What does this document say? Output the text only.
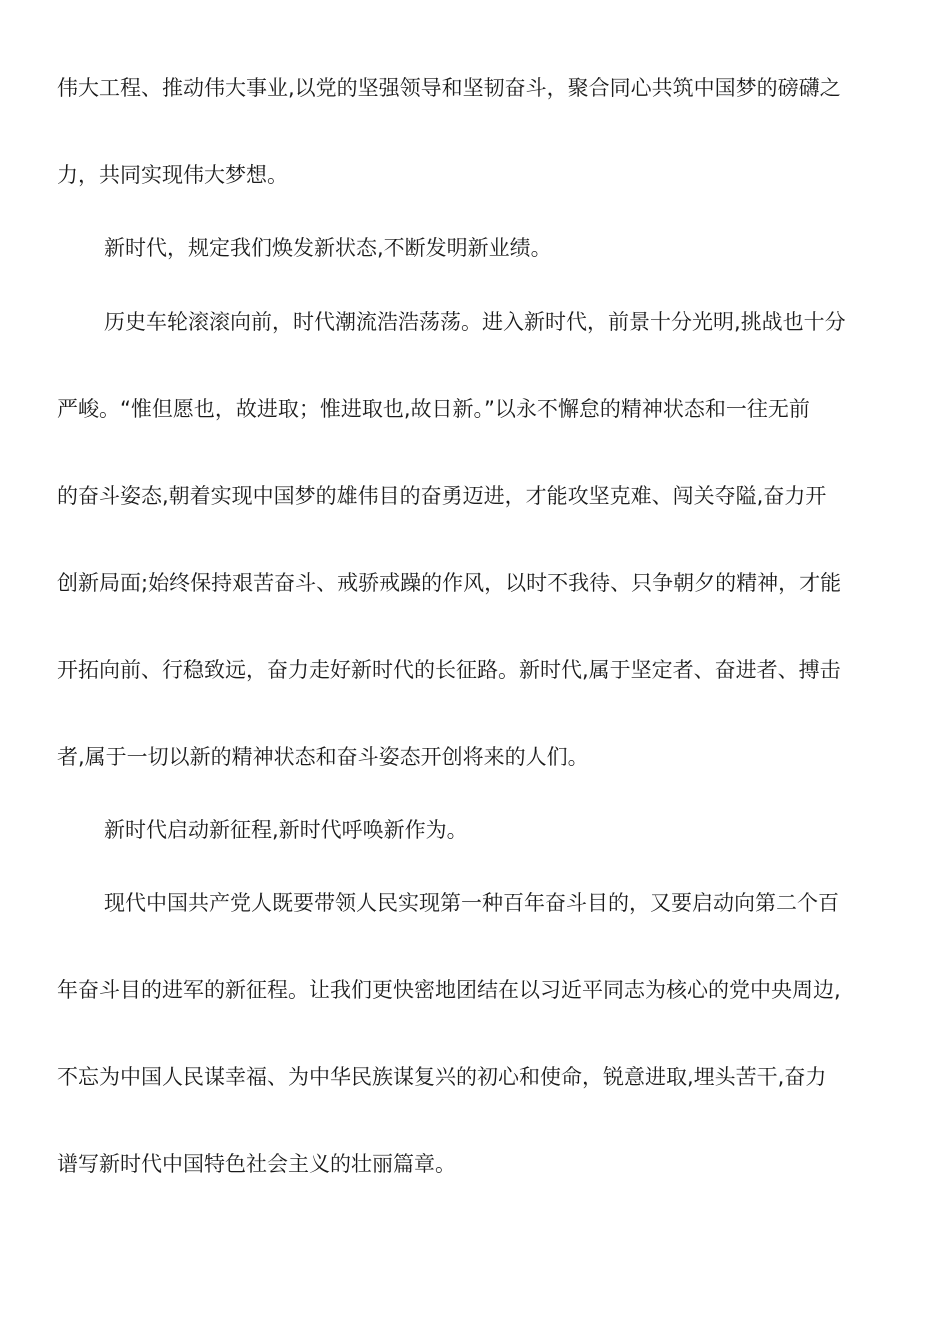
伟大工程、推动伟大事业,以党的坚强领导和坚韧奋斗，聚合同心共筑中国梦的磅礴之

力，共同实现伟大梦想。

新时代，规定我们焕发新状态,不断发明新业绩。

历史车轮滚滚向前，时代潮流浩浩荡荡。进入新时代，前景十分光明,挑战也十分

严峻。“惟但愿也，故进取；惟进取也,故日新。”以永不懈怠的精神状态和一往无前

的奋斗姿态,朝着实现中国梦的雄伟目的奋勇迈进，才能攻坚克难、闯关夺隘,奋力开

创新局面;始终保持艰苦奋斗、戒骄戒躁的作风，以时不我待、只争朝夕的精神，才能

开拓向前、行稳致远，奋力走好新时代的长征路。新时代,属于坚定者、奋进者、搏击

者,属于一切以新的精神状态和奋斗姿态开创将来的人们。

新时代启动新征程,新时代呼唤新作为。

现代中国共产党人既要带领人民实现第一种百年奋斗目的，又要启动向第二个百

年奋斗目的进军的新征程。让我们更快密地团结在以习近平同志为核心的党中央周边,

不忘为中国人民谋幸福、为中华民族谋复兴的初心和使命，锐意进取,埋头苦干,奋力

谱写新时代中国特色社会主义的壮丽篇章。
